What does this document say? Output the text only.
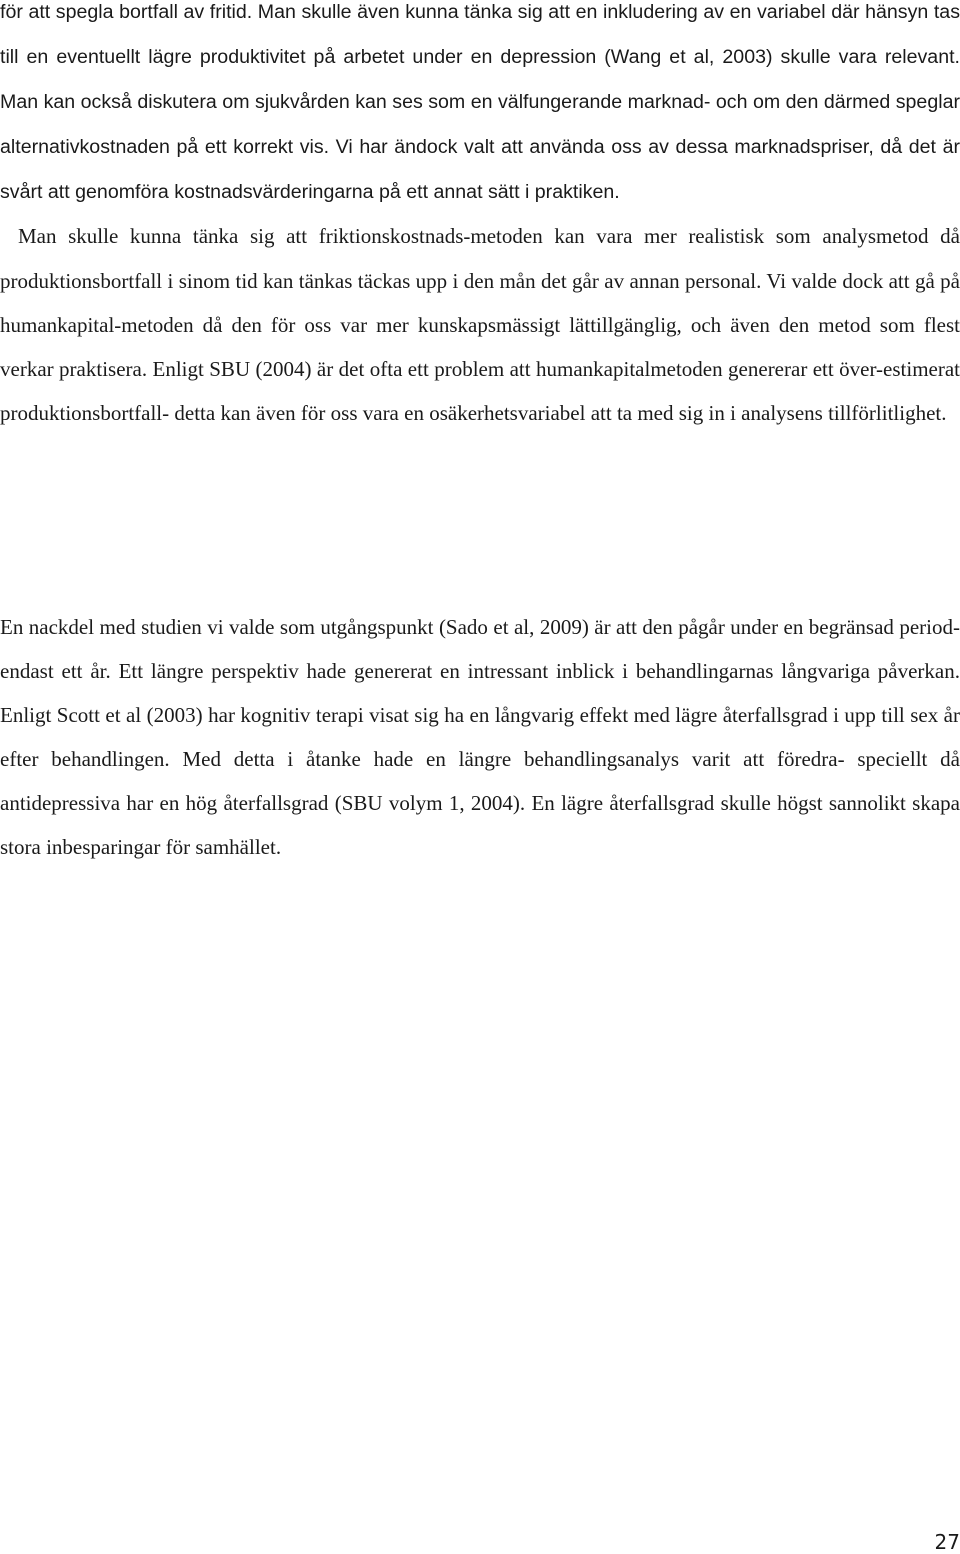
för att spegla bortfall av fritid. Man skulle även kunna tänka sig att en inkludering av en variabel där hänsyn tas till en eventuellt lägre produktivitet på arbetet under en depression (Wang et al, 2003) skulle vara relevant. Man kan också diskutera om sjukvården kan ses som en välfungerande marknad- och om den därmed speglar alternativkostnaden på ett korrekt vis. Vi har ändock valt att använda oss av dessa marknadspriser, då det är svårt att genomföra kostnadsvärderingarna på ett annat sätt i praktiken.
Man skulle kunna tänka sig att friktionskostnads-metoden kan vara mer realistisk som analysmetod då produktionsbortfall i sinom tid kan tänkas täckas upp i den mån det går av annan personal. Vi valde dock att gå på humankapital-metoden då den för oss var mer kunskapsmässigt lättillgänglig, och även den metod som flest verkar praktisera. Enligt SBU (2004) är det ofta ett problem att humankapitalmetoden genererar ett över-estimerat produktionsbortfall- detta kan även för oss vara en osäkerhetsvariabel att ta med sig in i analysens tillförlitlighet.

En nackdel med studien vi valde som utgångspunkt (Sado et al, 2009) är att den pågår under en begränsad period- endast ett år. Ett längre perspektiv hade genererat en intressant inblick i behandlingarnas långvariga påverkan. Enligt Scott et al (2003) har kognitiv terapi visat sig ha en långvarig effekt med lägre återfallsgrad i upp till sex år efter behandlingen. Med detta i åtanke hade en längre behandlingsanalys varit att föredra- speciellt då antidepressiva har en hög återfallsgrad (SBU volym 1, 2004). En lägre återfallsgrad skulle högst sannolikt skapa stora inbesparingar för samhället.

27
